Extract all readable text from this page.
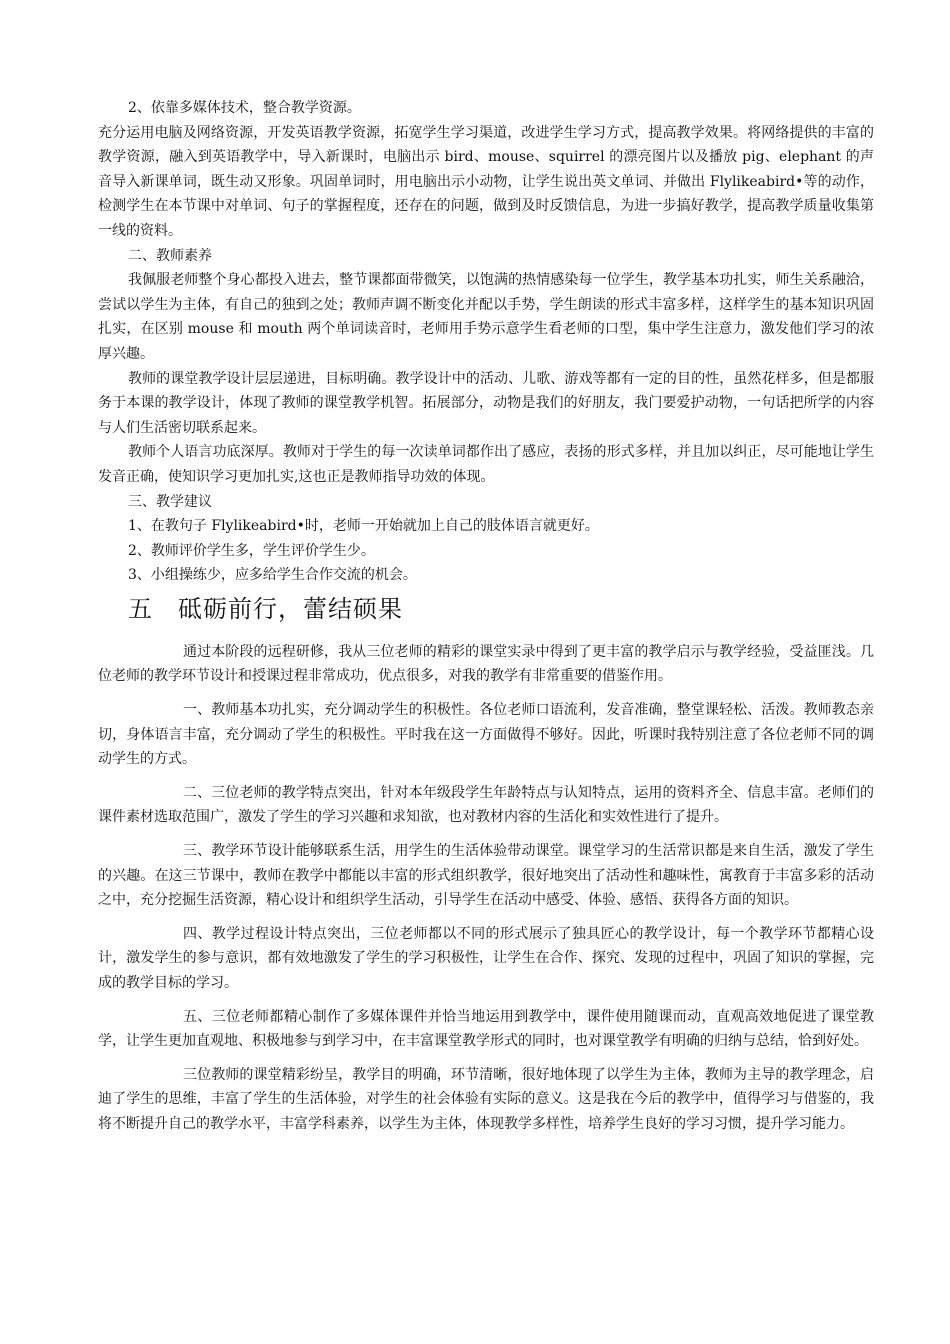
2、依靠多媒体技术，整合教学资源。

充分运用电脑及网络资源，开发英语教学资源，拓宽学生学习渠道，改进学生学习方式，提高教学效果。将网络提供的丰富的教学资源，融入到英语教学中，导入新课时，电脑出示 bird、mouse、squirrel 的漂亮图片以及播放 pig、elephant 的声音导入新课单词，既生动又形象。巩固单词时，用电脑出示小动物，让学生说出英文单词、并做出 Flylikeabird•等的动作，检测学生在本节课中对单词、句子的掌握程度，还存在的问题，做到及时反馈信息，为进一步搞好教学，提高教学质量收集第一线的资料。

二、教师素养

我佩服老师整个身心都投入进去，整节课都面带微笑，以饱满的热情感染每一位学生，教学基本功扎实，师生关系融洽，尝试以学生为主体，有自己的独到之处；教师声调不断变化并配以手势，学生朗读的形式丰富多样，这样学生的基本知识巩固扎实，在区别 mouse 和 mouth 两个单词读音时，老师用手势示意学生看老师的口型，集中学生注意力，激发他们学习的浓厚兴趣。

教师的课堂教学设计层层递进，目标明确。教学设计中的活动、儿歌、游戏等都有一定的目的性，虽然花样多，但是都服务于本课的教学设计，体现了教师的课堂教学机智。拓展部分，动物是我们的好朋友，我门要爱护动物，一句话把所学的内容与人们生活密切联系起来。

教师个人语言功底深厚。教师对于学生的每一次读单词都作出了感应，表扬的形式多样，并且加以纠正，尽可能地让学生发音正确，使知识学习更加扎实,这也正是教师指导功效的体现。

三、教学建议

1、在教句子 Flylikeabird•时，老师一开始就加上自己的肢体语言就更好。

2、教师评价学生多，学生评价学生少。

3、小组操练少，应多给学生合作交流的机会。

五　砥砺前行，蕾结硕果

通过本阶段的远程研修，我从三位老师的精彩的课堂实录中得到了更丰富的教学启示与教学经验，受益匪浅。几位老师的教学环节设计和授课过程非常成功，优点很多，对我的教学有非常重要的借鉴作用。

一、教师基本功扎实，充分调动学生的积极性。各位老师口语流利，发音准确，整堂课轻松、活泼。教师教态亲切，身体语言丰富，充分调动了学生的积极性。平时我在这一方面做得不够好。因此，听课时我特别注意了各位老师不同的调动学生的方式。

二、三位老师的教学特点突出，针对本年级段学生年龄特点与认知特点，运用的资料齐全、信息丰富。老师们的课件素材选取范围广，激发了学生的学习兴趣和求知欲，也对教材内容的生活化和实效性进行了提升。

三、教学环节设计能够联系生活，用学生的生活体验带动课堂。课堂学习的生活常识都是来自生活，激发了学生的兴趣。在这三节课中，教师在教学中都能以丰富的形式组织教学，很好地突出了活动性和趣味性，寓教育于丰富多彩的活动之中，充分挖掘生活资源，精心设计和组织学生活动，引导学生在活动中感受、体验、感悟、获得各方面的知识。

四、教学过程设计特点突出，三位老师都以不同的形式展示了独具匠心的教学设计，每一个教学环节都精心设计，激发学生的参与意识，都有效地激发了学生的学习积极性，让学生在合作、探究、发现的过程中，巩固了知识的掌握，完成的教学目标的学习。

五、三位老师都精心制作了多媒体课件并恰当地运用到教学中，课件使用随课而动，直观高效地促进了课堂教学，让学生更加直观地、积极地参与到学习中，在丰富课堂教学形式的同时，也对课堂教学有明确的归纳与总结，恰到好处。

三位教师的课堂精彩纷呈，教学目的明确，环节清晰，很好地体现了以学生为主体，教师为主导的教学理念，启迪了学生的思维，丰富了学生的生活体验，对学生的社会体验有实际的意义。这是我在今后的教学中，值得学习与借鉴的，我将不断提升自己的教学水平，丰富学科素养，以学生为主体，体现教学多样性，培养学生良好的学习习惯，提升学习能力。
